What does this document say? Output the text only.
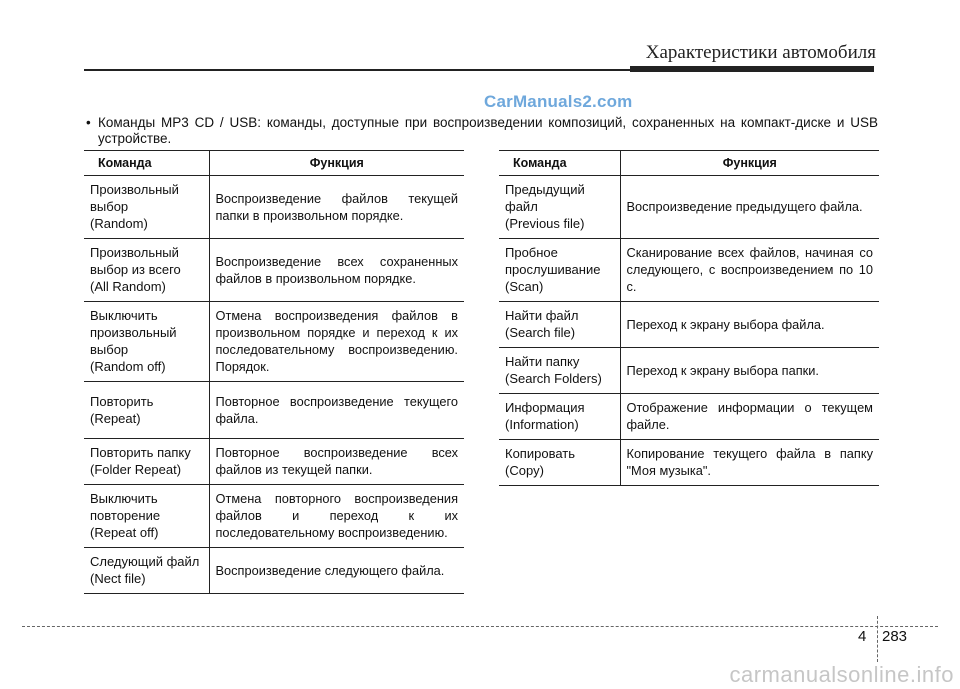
Характеристики автомобиля
CarManuals2.com
• Команды MP3 CD / USB: команды, доступные при воспроизведении композиций, сохраненных на компакт-диске и USB устройстве.
Команда	Функция
Произвольный
выбор
(Random)	Воспроизведение файлов текущей папки в произвольном порядке.
Произвольный
выбор из всего
(All Random)	Воспроизведение всех сохраненных файлов в произвольном порядке.
Выключить
произвольный
выбор
(Random off)	Отмена воспроизведения файлов в произвольном порядке и переход к их последовательному воспроизведению. Порядок.
Повторить
(Repeat)	Повторное воспроизведение текущего файла.
Повторить папку
(Folder Repeat)	Повторное воспроизведение всех файлов из текущей папки.
Выключить
повторение
(Repeat off)	Отмена повторного воспроизведения файлов и переход к их последовательному воспроизведению.
Следующий файл
(Nect file)	Воспроизведение следующего файла.
Команда	Функция
Предыдущий
файл
(Previous file)	Воспроизведение предыдущего файла.
Пробное
прослушивание
(Scan)	Сканирование всех файлов, начиная со следующего, с воспроизведением по 10 с.
Найти файл
(Search file)	Переход к экрану выбора файла.
Найти папку
(Search Folders)	Переход к экрану выбора папки.
Информация
(Information)	Отображение информации о текущем файле.
Копировать
(Copy)	Копирование текущего файла в папку "Моя музыка".
4 283
carmanualsonline.info
